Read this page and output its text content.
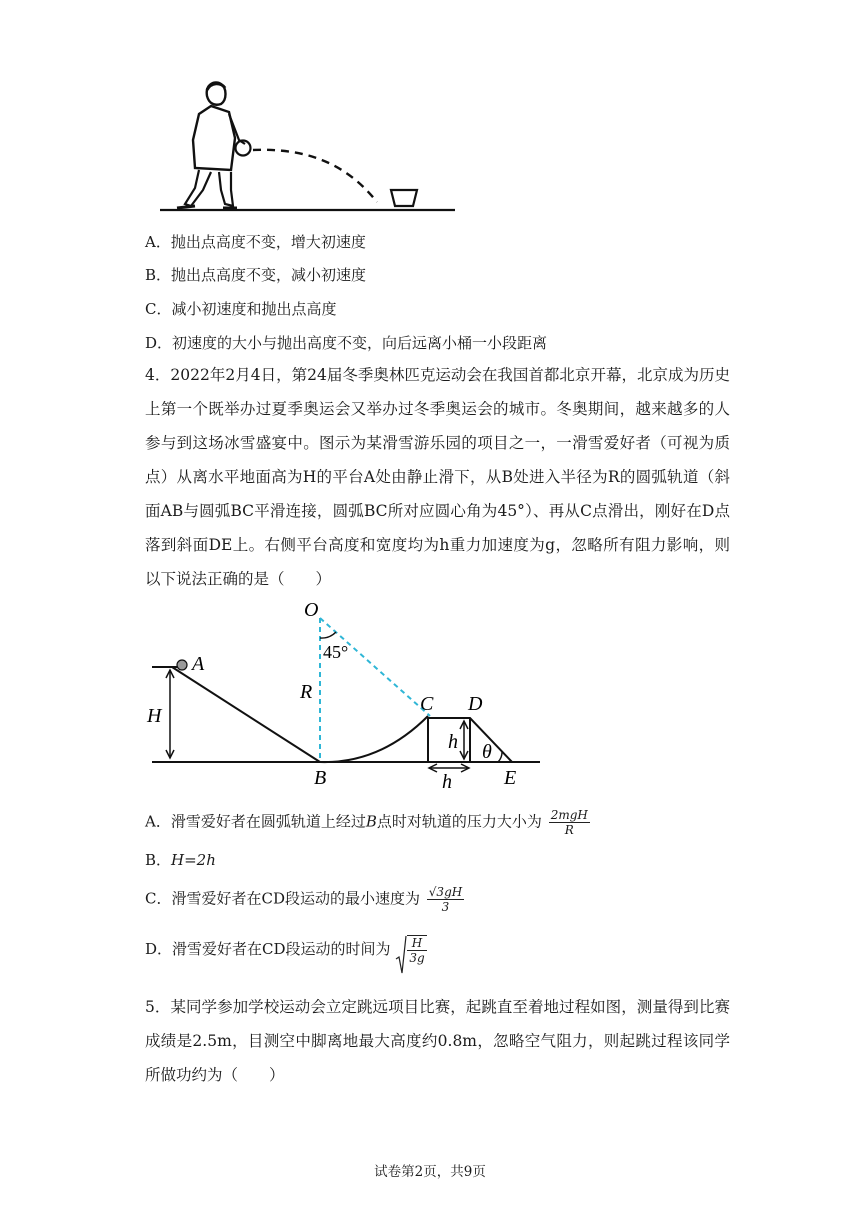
A．抛出点高度不变，增大初速度
B．抛出点高度不变，减小初速度
C．减小初速度和抛出点高度
D．初速度的大小与抛出高度不变，向后远离小桶一小段距离
4．2022年2月4日，第24届冬季奥林匹克运动会在我国首都北京开幕，北京成为历史上第一个既举办过夏季奥运会又举办过冬季奥运会的城市。冬奥期间，越来越多的人参与到这场冰雪盛宴中。图示为某滑雪游乐园的项目之一，一滑雪爱好者（可视为质点）从离水平地面高为H的平台A处由静止滑下，从B处进入半径为R的圆弧轨道（斜面AB与圆弧BC平滑连接，圆弧BC所对应圆心角为45°）、再从C点滑出，刚好在D点落到斜面DE上。右侧平台高度和宽度均为h重力加速度为g，忽略所有阻力影响，则以下说法正确的是（　　）
O
45°
A
H
R
B
C D
h θ
E
h
A．滑雪爱好者在圆弧轨道上经过B点时对轨道的压力大小为 $\frac{\text{2mgH}}{R}$
B．H=2h
C．滑雪爱好者在CD段运动的最小速度为 $\frac{√3gH}{3}$
D．滑雪爱好者在CD段运动的时间为 $\frac{H}{3g}$
5．某同学参加学校运动会立定跳远项目比赛，起跳直至着地过程如图，测量得到比赛成绩是2.5m，目测空中脚离地最大高度约0.8m，忽略空气阻力，则起跳过程该同学所做功约为（　　）
试卷第2页，共9页
